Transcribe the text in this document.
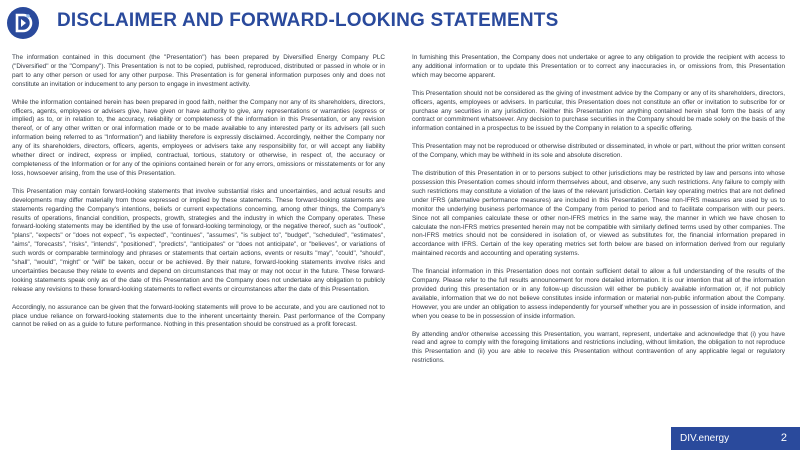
DISCLAIMER AND FORWARD-LOOKING STATEMENTS

The information contained in this document (the "Presentation") has been prepared by Diversified Energy Company PLC ("Diversified" or the "Company"). This Presentation is not to be copied, published, reproduced, distributed or passed in whole or in part to any other person or used for any other purpose. This Presentation is for general information purposes only and does not constitute an invitation or inducement to any person to engage in investment activity.

While the information contained herein has been prepared in good faith, neither the Company nor any of its shareholders, directors, officers, agents, employees or advisers give, have given or have authority to give, any representations or warranties (express or implied) as to, or in relation to, the accuracy, reliability or completeness of the information in this Presentation, or any revision thereof, or of any other written or oral information made or to be made available to any interested party or its advisers (all such information being referred to as "Information") and liability therefore is expressly disclaimed. Accordingly, neither the Company nor any of its shareholders, directors, officers, agents, employees or advisers take any responsibility for, or will accept any liability whether direct or indirect, express or implied, contractual, tortious, statutory or otherwise, in respect of, the accuracy or completeness of the Information or for any of the opinions contained herein or for any errors, omissions or misstatements or for any loss, howsoever arising, from the use of this Presentation.

This Presentation may contain forward-looking statements that involve substantial risks and uncertainties, and actual results and developments may differ materially from those expressed or implied by these statements. These forward-looking statements are statements regarding the Company's intentions, beliefs or current expectations concerning, among other things, the Company's results of operations, financial condition, prospects, growth, strategies and the industry in which the Company operates. These forward-looking statements may be identified by the use of forward-looking terminology, or the negative thereof, such as "outlook", "plans", "expects" or "does not expect", "is expected", "continues", "assumes", "is subject to", "budget", "scheduled", "estimates", "aims", "forecasts", "risks", "intends", "positioned", "predicts", "anticipates" or "does not anticipate", or "believes", or variations of such words or comparable terminology and phrases or statements that certain actions, events or results "may", "could", "should", "shall", "would", "might" or "will" be taken, occur or be achieved. By their nature, forward-looking statements involve risks and uncertainties because they relate to events and depend on circumstances that may or may not occur in the future. These forward-looking statements speak only as of the date of this Presentation and the Company does not undertake any obligation to publicly release any revisions to these forward-looking statements to reflect events or circumstances after the date of this Presentation.

Accordingly, no assurance can be given that the forward-looking statements will prove to be accurate, and you are cautioned not to place undue reliance on forward-looking statements due to the inherent uncertainty therein. Past performance of the Company cannot be relied on as a guide to future performance. Nothing in this presentation should be construed as a profit forecast.

In furnishing this Presentation, the Company does not undertake or agree to any obligation to provide the recipient with access to any additional information or to update this Presentation or to correct any inaccuracies in, or omissions from, this Presentation which may become apparent.

This Presentation should not be considered as the giving of investment advice by the Company or any of its shareholders, directors, officers, agents, employees or advisers. In particular, this Presentation does not constitute an offer or invitation to subscribe for or purchase any securities in any jurisdiction. Neither this Presentation nor anything contained herein shall form the basis of any contract or commitment whatsoever. Any decision to purchase securities in the Company should be made solely on the basis of the information contained in a prospectus to be issued by the Company in relation to a specific offering.

This Presentation may not be reproduced or otherwise distributed or disseminated, in whole or part, without the prior written consent of the Company, which may be withheld in its sole and absolute discretion.

The distribution of this Presentation in or to persons subject to other jurisdictions may be restricted by law and persons into whose possession this Presentation comes should inform themselves about, and observe, any such restrictions. Any failure to comply with such restrictions may constitute a violation of the laws of the relevant jurisdiction. Certain key operating metrics that are not defined under IFRS (alternative performance measures) are included in this Presentation. These non-IFRS measures are used by us to monitor the underlying business performance of the Company from period to period and to facilitate comparison with our peers. Since not all companies calculate these or other non-IFRS metrics in the same way, the manner in which we have chosen to calculate the non-IFRS metrics presented herein may not be compatible with similarly defined terms used by other companies. The non-IFRS metrics should not be considered in isolation of, or viewed as substitutes for, the financial information prepared in accordance with IFRS. Certain of the key operating metrics set forth below are based on information derived from our regularly maintained records and accounting and operating systems.

The financial information in this Presentation does not contain sufficient detail to allow a full understanding of the results of the Company. Please refer to the full results announcement for more detailed information. It is our intention that all of the information provided during this presentation or in any follow-up discussion will either be publicly available information or, if not publicly available, information that we do not believe constitutes inside information or material non-public information about the Company. However, you are under an obligation to assess independently for yourself whether you are in possession of inside information, and when you cease to be in possession of inside information.

By attending and/or otherwise accessing this Presentation, you warrant, represent, undertake and acknowledge that (i) you have read and agree to comply with the foregoing limitations and restrictions including, without limitation, the obligation to not reproduce this Presentation and (ii) you are able to receive this Presentation without contravention of any applicable legal or regulatory restrictions.

DIV.energy	2
